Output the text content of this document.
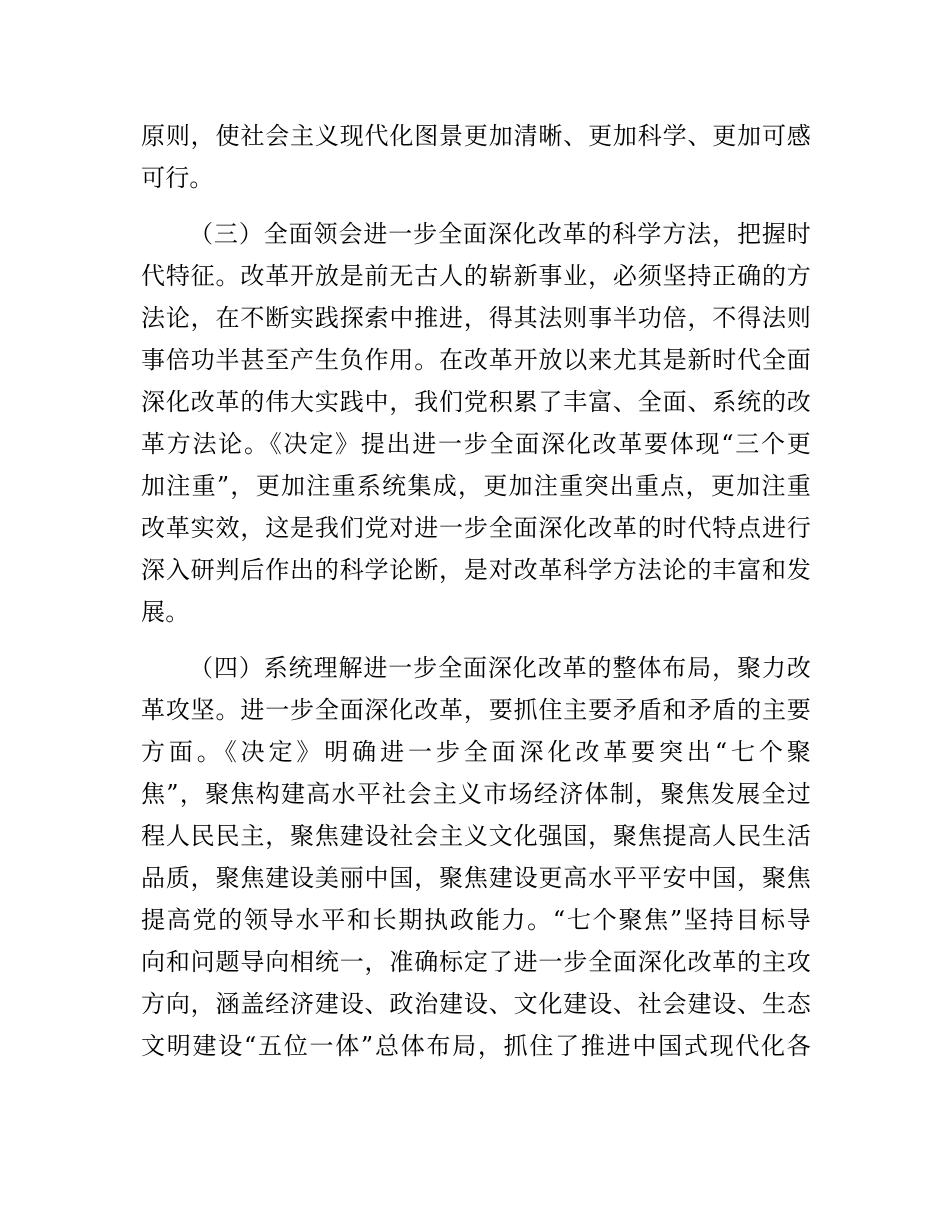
原则，使社会主义现代化图景更加清晰、更加科学、更加可感
可行。
（三）全面领会进一步全面深化改革的科学方法，把握时
代特征。改革开放是前无古人的崭新事业，必须坚持正确的方
法论，在不断实践探索中推进，得其法则事半功倍，不得法则
事倍功半甚至产生负作用。在改革开放以来尤其是新时代全面
深化改革的伟大实践中，我们党积累了丰富、全面、系统的改
革方法论。《决定》提出进一步全面深化改革要体现“三个更
加注重”，更加注重系统集成，更加注重突出重点，更加注重
改革实效，这是我们党对进一步全面深化改革的时代特点进行
深入研判后作出的科学论断，是对改革科学方法论的丰富和发
展。
（四）系统理解进一步全面深化改革的整体布局，聚力改
革攻坚。进一步全面深化改革，要抓住主要矛盾和矛盾的主要
方面。《决定》明确进一步全面深化改革要突出“七个聚
焦”，聚焦构建高水平社会主义市场经济体制，聚焦发展全过
程人民民主，聚焦建设社会主义文化强国，聚焦提高人民生活
品质，聚焦建设美丽中国，聚焦建设更高水平平安中国，聚焦
提高党的领导水平和长期执政能力。“七个聚焦”坚持目标导
向和问题导向相统一，准确标定了进一步全面深化改革的主攻
方向，涵盖经济建设、政治建设、文化建设、社会建设、生态
文明建设“五位一体”总体布局，抓住了推进中国式现代化各
